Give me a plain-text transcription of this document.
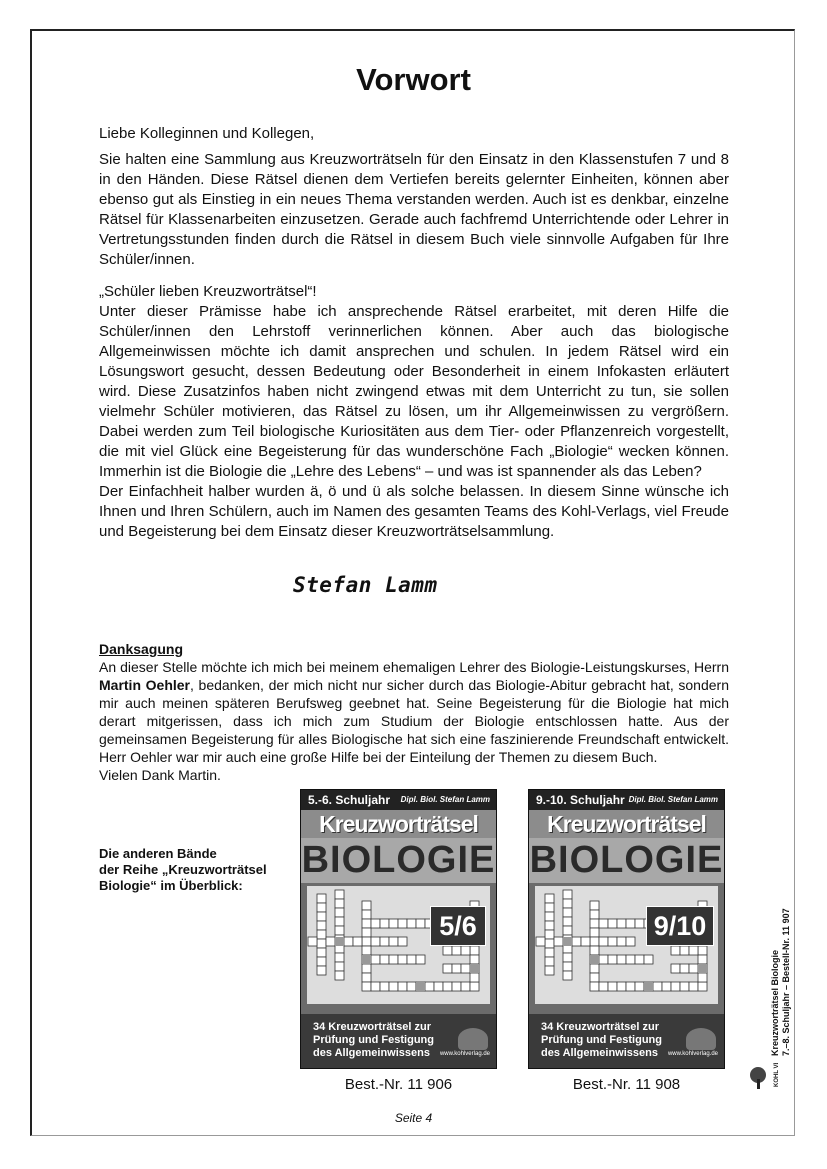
Vorwort

Liebe Kolleginnen und Kollegen,

Sie halten eine Sammlung aus Kreuzworträtseln für den Einsatz in den Klassenstufen 7 und 8 in den Händen. Diese Rätsel dienen dem Vertiefen bereits gelernter Einheiten, können aber ebenso gut als Einstieg in ein neues Thema verstanden werden. Auch ist es denkbar, einzelne Rätsel für Klassenarbeiten einzusetzen. Gerade auch fachfremd Unterrichtende oder Lehrer in Vertretungsstunden finden durch die Rätsel in diesem Buch viele sinnvolle Aufgaben für Ihre Schüler/innen.

„Schüler lieben Kreuzworträtsel“!
Unter dieser Prämisse habe ich ansprechende Rätsel erarbeitet, mit deren Hilfe die Schüler/innen den Lehrstoff verinnerlichen können. Aber auch das biologische Allgemeinwissen möchte ich damit ansprechen und schulen. In jedem Rätsel wird ein Lösungswort gesucht, dessen Bedeutung oder Besonderheit in einem Infokasten erläutert wird. Diese Zusatzinfos haben nicht zwingend etwas mit dem Unterricht zu tun, sie sollen vielmehr Schüler motivieren, das Rätsel zu lösen, um ihr Allgemeinwissen zu vergrößern. Dabei werden zum Teil biologische Kuriositäten aus dem Tier- oder Pflanzenreich vorgestellt, die mit viel Glück eine Begeisterung für das wunderschöne Fach „Biologie“ wecken können. Immerhin ist die Biologie die „Lehre des Lebens“ – und was ist spannender als das Leben?
Der Einfachheit halber wurden ä, ö und ü als solche belassen. In diesem Sinne wünsche ich Ihnen und Ihren Schülern, auch im Namen des gesamten Teams des Kohl-Verlags, viel Freude und Begeisterung bei dem Einsatz dieser Kreuzworträtselsammlung.
Stefan Lamm
Danksagung
An dieser Stelle möchte ich mich bei meinem ehemaligen Lehrer des Biologie-Leistungskurses, Herrn Martin Oehler, bedanken, der mich nicht nur sicher durch das Biologie-Abitur gebracht hat, sondern mir auch meinen späteren Berufsweg geebnet hat. Seine Begeisterung für die Biologie hat mich derart mitgerissen, dass ich mich zum Studium der Biologie entschlossen hatte. Aus der gemeinsamen Begeisterung für alles Biologische hat sich eine faszinierende Freundschaft entwickelt. Herr Oehler war mir auch eine große Hilfe bei der Einteilung der Themen zu diesem Buch.
Vielen Dank Martin.
Die anderen Bände
der Reihe „Kreuzworträtsel
Biologie“ im Überblick:
5.-6. Schuljahr Dipl. Biol. Stefan Lamm
Kreuzworträtsel
BIOLOGIE
5/6
34 Kreuzworträtsel zur
Prüfung und Festigung
des Allgemeinwissens www.kohlverlag.de
Best.-Nr. 11 906
9.-10. Schuljahr Dipl. Biol. Stefan Lamm
Kreuzworträtsel
BIOLOGIE
9/10
34 Kreuzworträtsel zur
Prüfung und Festigung
des Allgemeinwissens www.kohlverlag.de
Best.-Nr. 11 908
Kreuzworträtsel Biologie 7.–8. Schuljahr – Bestell-Nr. 11 907
KOHL VERLAG
Seite 4
